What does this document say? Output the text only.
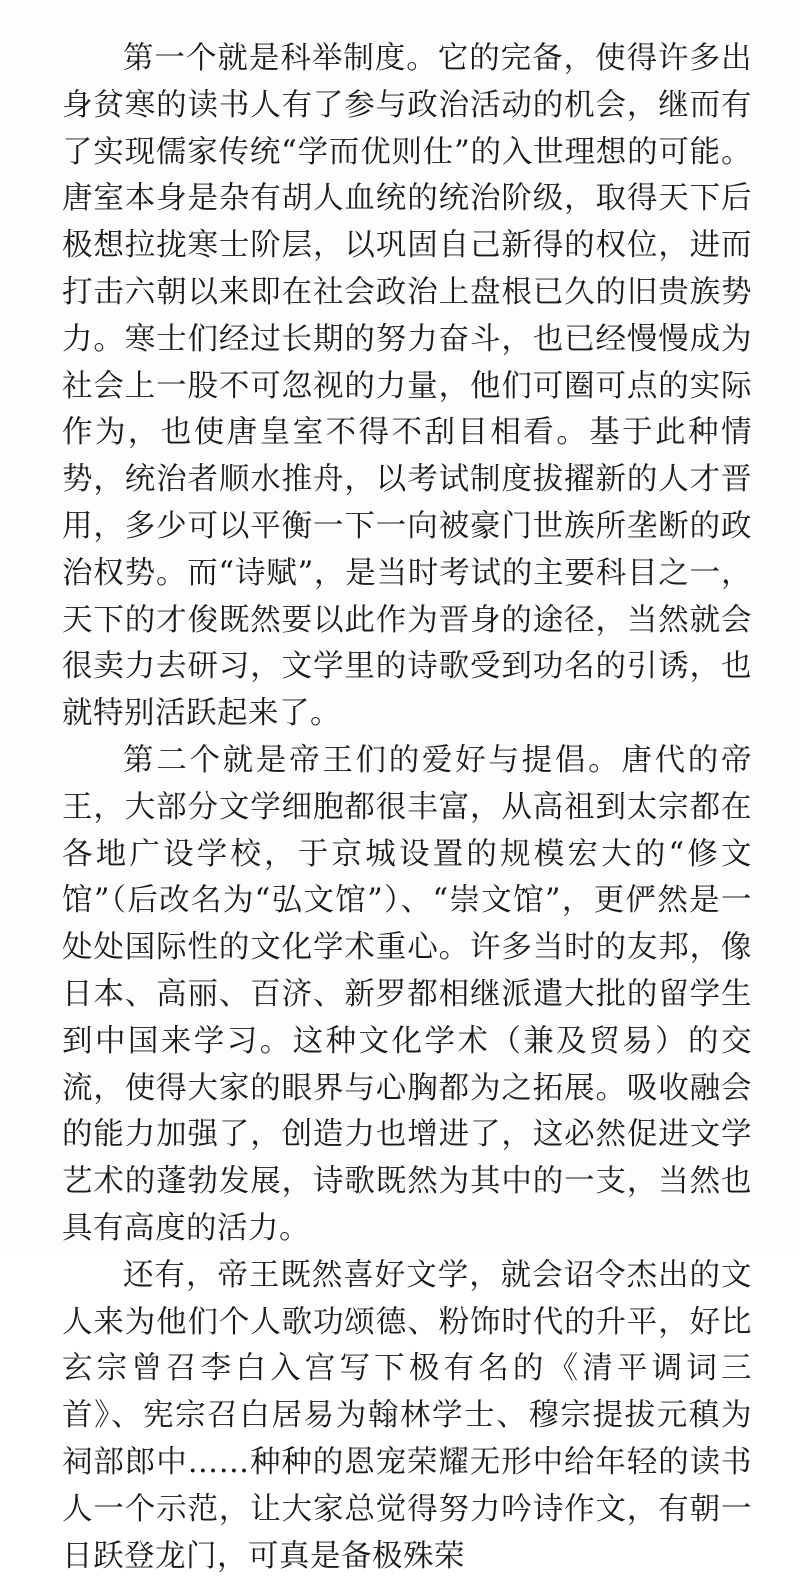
第一个就是科举制度。它的完备，使得许多出身贫寒的读书人有了参与政治活动的机会，继而有了实现儒家传统“学而优则仕”的入世理想的可能。唐室本身是杂有胡人血统的统治阶级，取得天下后极想拉拢寒士阶层，以巩固自己新得的权位，进而打击六朝以来即在社会政治上盘根已久的旧贵族势力。寒士们经过长期的努力奋斗，也已经慢慢成为社会上一股不可忽视的力量，他们可圈可点的实际作为，也使唐皇室不得不刮目相看。基于此种情势，统治者顺水推舟，以考试制度拔擢新的人才晋用，多少可以平衡一下一向被豪门世族所垄断的政治权势。而“诗赋”，是当时考试的主要科目之一，天下的才俊既然要以此作为晋身的途径，当然就会很卖力去研习，文学里的诗歌受到功名的引诱，也就特别活跃起来了。

第二个就是帝王们的爱好与提倡。唐代的帝王，大部分文学细胞都很丰富，从高祖到太宗都在各地广设学校，于京城设置的规模宏大的“修文馆”（后改名为“弘文馆”）、“崇文馆”，更俨然是一处处国际性的文化学术重心。许多当时的友邦，像日本、高丽、百济、新罗都相继派遣大批的留学生到中国来学习。这种文化学术（兼及贸易）的交流，使得大家的眼界与心胸都为之拓展。吸收融会的能力加强了，创造力也增进了，这必然促进文学艺术的蓬勃发展，诗歌既然为其中的一支，当然也具有高度的活力。

还有，帝王既然喜好文学，就会诏令杰出的文人来为他们个人歌功颂德、粉饰时代的升平，好比玄宗曾召李白入宫写下极有名的《清平调词三首》、宪宗召白居易为翰林学士、穆宗提拔元稹为祠部郎中……种种的恩宠荣耀无形中给年轻的读书人一个示范，让大家总觉得努力吟诗作文，有朝一日跃登龙门，可真是备极殊荣
